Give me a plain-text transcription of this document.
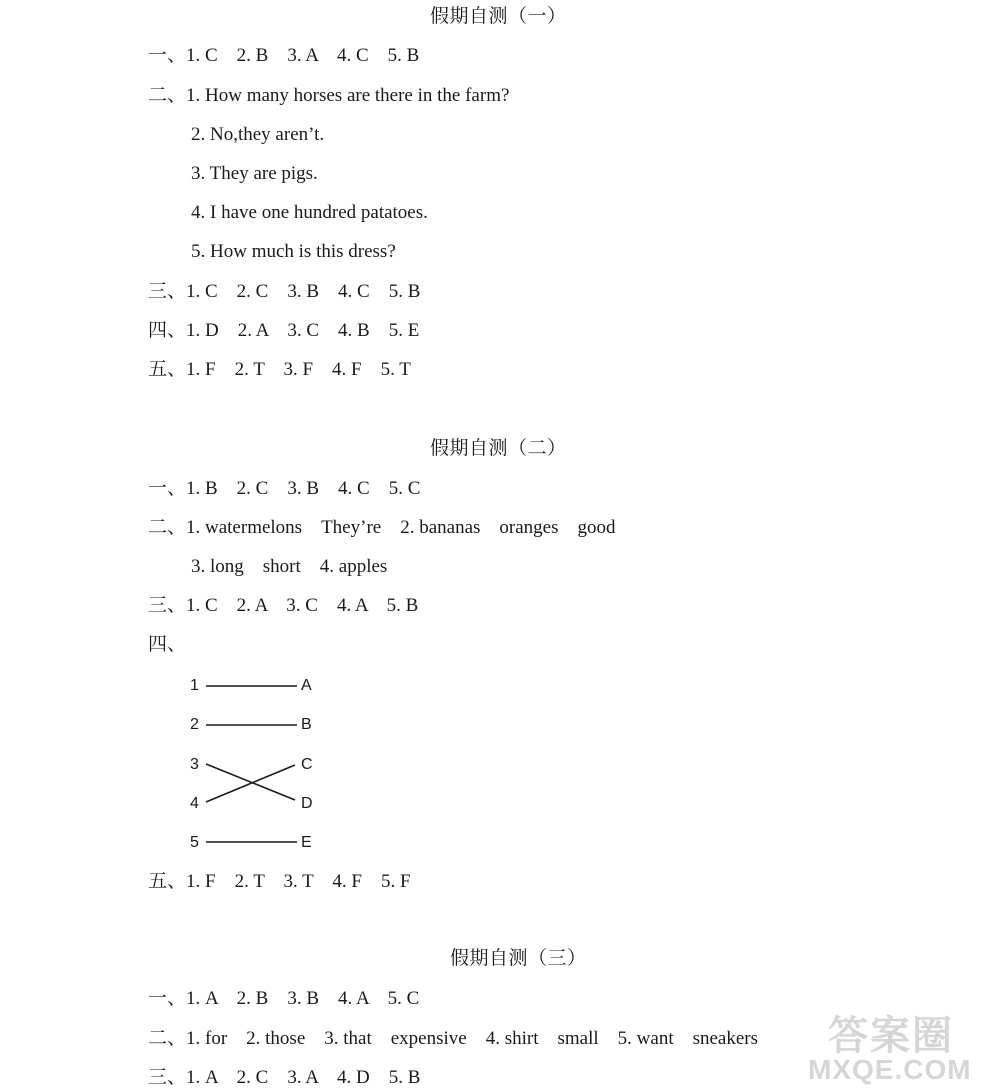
假期自测（一）
一、1. C　2. B　3. A　4. C　5. B
二、1. How many horses are there in the farm?
2. No,they aren’t.
3. They are pigs.
4. I have one hundred patatoes.
5. How much is this dress?
三、1. C　2. C　3. B　4. C　5. B
四、1. D　2. A　3. C　4. B　5. E
五、1. F　2. T　3. F　4. F　5. T
假期自测（二）
一、1. B　2. C　3. B　4. C　5. C
二、1. watermelons　They’re　2. bananas　oranges　good
3. long　short　4. apples
三、1. C　2. A　3. C　4. A　5. B
四、
1
2
3
4
5
A
B
C
D
E
五、1. F　2. T　3. T　4. F　5. F
假期自测（三）
一、1. A　2. B　3. B　4. A　5. C
二、1. for　2. those　3. that　expensive　4. shirt　small　5. want　sneakers
三、1. A　2. C　3. A　4. D　5. B
答案圈
MXQE.COM
